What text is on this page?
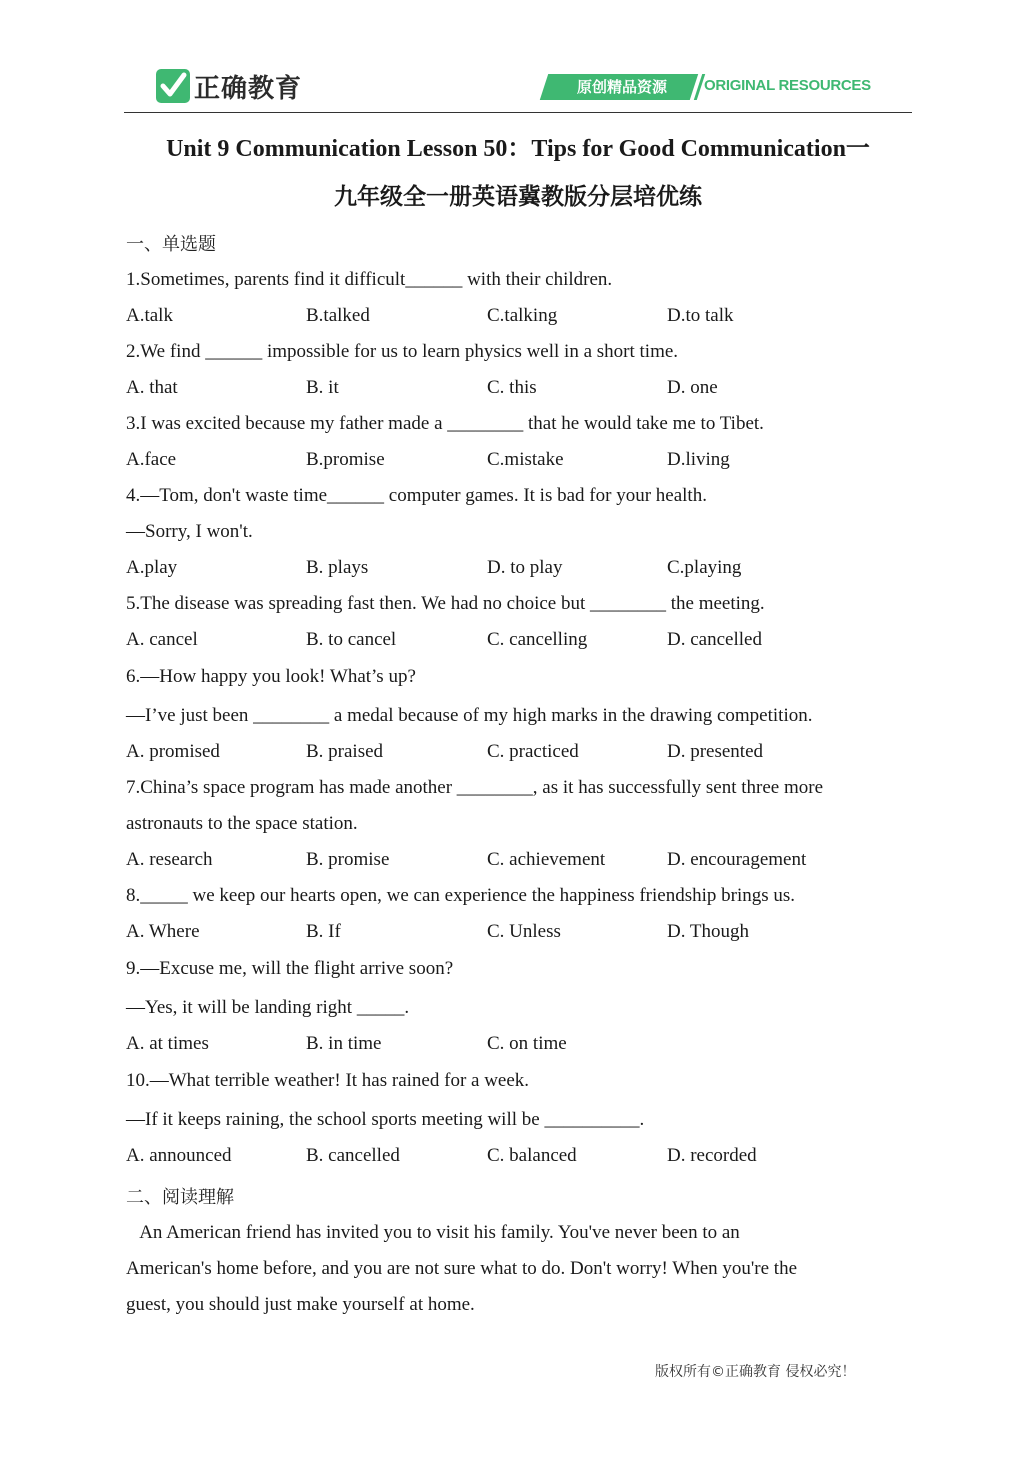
正确教育	原创精品资源	ORIGINAL RESOURCES
Unit 9 Communication Lesson 50：Tips for Good Communication一
九年级全一册英语冀教版分层培优练
一、单选题
1.Sometimes, parents find it difficult______ with their children.
A.talk	B.talked	C.talking	D.to talk
2.We find ______ impossible for us to learn physics well in a short time.
A. that	B. it	C. this	D. one
3.I was excited because my father made a ________ that he would take me to Tibet.
A.face	B.promise	C.mistake	D.living
4.—Tom, don't waste time______ computer games. It is bad for your health.
—Sorry, I won't.
A.play	B. plays	D. to play	C.playing
5.The disease was spreading fast then. We had no choice but ________ the meeting.
A. cancel	B. to cancel	C. cancelling	D. cancelled
6.—How happy you look! What’s up?
—I’ve just been ________ a medal because of my high marks in the drawing competition.
A. promised	B. praised	C. practiced	D. presented
7.China’s space program has made another ________, as it has successfully sent three more
astronauts to the space station.
A. research	B. promise	C. achievement	D. encouragement
8._____ we keep our hearts open, we can experience the happiness friendship brings us.
A. Where	B. If	C. Unless	D. Though
9.—Excuse me, will the flight arrive soon?
—Yes, it will be landing right _____.
A. at times	B. in time	C. on time
10.—What terrible weather! It has rained for a week.
—If it keeps raining, the school sports meeting will be __________.
A. announced	B. cancelled	C. balanced	D. recorded
二、阅读理解
An American friend has invited you to visit his family. You've never been to an
American's home before, and you are not sure what to do. Don't worry! When you're the
guest, you should just make yourself at home.
版权所有©正确教育 侵权必究！
